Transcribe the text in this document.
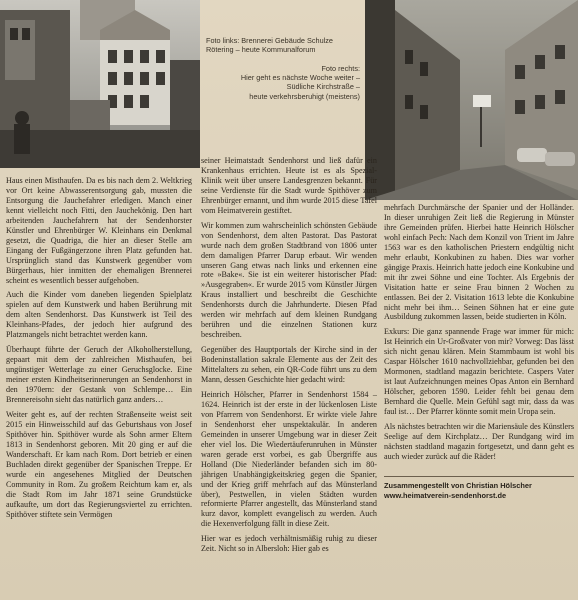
Foto links: Brennerei Gebäude Schulze
Rötering – heute Kommunalforum
Foto rechts:
Hier geht es nächste Woche weiter –
Südliche Kirchstraße –
heute verkehrsberuhigt (meistens)

Haus einen Misthaufen. Da es bis nach dem 2. Weltkrieg vor Ort keine Abwasserentsorgung gab, mussten die Entsorgung die Jauchefahrer erledigen. Manch einer kennt vielleicht noch Fitti, den Jauchekönig. Den hart arbeitenden Jauchefahrern hat der Sendenhorster Künstler und Ehrenbürger W. Kleinhans ein Denkmal gesetzt, die Quadriga, die hier an dieser Stelle am Eingang der Fußgängerzone ihren Platz gefunden hat. Ursprünglich stand das Kunstwerk gegenüber vom Bürgerhaus, hier inmitten der ehemaligen Brennerei scheint es wesentlich besser aufgehoben.

Auch die Kinder vom daneben liegenden Spielplatz spielen auf dem Kunstwerk und haben Berührung mit dem alten Sendenhorst. Das Kunstwerk ist Teil des Kleinhans-Pfades, der jedoch hier aufgrund des Platzmangels nicht betrachtet werden kann.

Überhaupt führte der Geruch der Alkoholherstellung, gepaart mit dem der zahlreichen Misthaufen, bei ungünstiger Wetterlage zu einer Geruchsglocke. Eine meiner ersten Kindheitserinnerungen an Sendenhorst in den 1970ern: der Gestank von Schlempe… Ein Brennereisohn sieht das natürlich ganz anders…

Weiter geht es, auf der rechten Straßenseite weist seit 2015 ein Hinweisschild auf das Geburtshaus von Josef Spithöver hin. Spithöver wurde als Sohn armer Eltern 1813 in Sendenhorst geboren. Mit 20 ging er auf die Wanderschaft. Er kam nach Rom. Dort betrieb er einen Buchladen direkt gegenüber der Spanischen Treppe. Er wurde ein angesehenes Mitglied der Deutschen Community in Rom. Zu großem Reichtum kam er, als die Stadt Rom im Jahr 1871 seine Grundstücke aufkaufte, um dort das Regierungsviertel zu errichten. Spithöver stiftete sein Vermögen

seiner Heimatstadt Sendenhorst und ließ dafür ein Krankenhaus errichten. Heute ist es als Spezial-Klinik weit über unsere Landesgrenzen bekannt. Für seine Verdienste für die Stadt wurde Spithöver zum Ehrenbürger ernannt, und ihm wurde 2015 diese Tafel vom Heimatverein gestiftet.

Wir kommen zum wahrscheinlich schönsten Gebäude von Sendenhorst, dem alten Pastorat. Das Pastorat wurde nach dem großen Stadtbrand von 1806 unter dem damaligen Pfarrer Darup erbaut. Wir wenden unseren Gang etwas nach links und erkennen eine rote »Bake«. Sie ist ein weiterer historischer Pfad: »Ausgegraben«. Er wurde 2015 vom Künstler Jürgen Kraus installiert und beschreibt die Geschichte Sendenhorsts durch die Jahrhunderte. Diesen Pfad werden wir mehrfach auf dem kleinen Rundgang berühren und die einzelnen Stationen kurz beschreiben.

Gegenüber des Hauptportals der Kirche sind in der Bodeninstallation sakrale Elemente aus der Zeit des Mittelalters zu sehen, ein QR-Code führt uns zu dem Mann, dessen Geschichte hier gedacht wird:

Heinrich Hölscher, Pfarrer in Sendenhorst 1584 – 1624. Heinrich ist der erste in der lückenlosen Liste von Pfarrern von Sendenhorst. Er wirkte viele Jahre in Sendenhorst eher unspektakulär. In anderen Gemeinden in unserer Umgebung war in dieser Zeit eher viel los. Die Wiedertäuferunruhen in Münster waren gerade erst vorbei, es gab Übergriffe aus Holland (Die Niederländer befanden sich im 80-jährigen Unabhängigkeitskrieg gegen die Spanier, und der Krieg griff mehrfach auf das Münsterland über), Pestwellen, in vielen Städten wurden reformierte Pfarrer angestellt, das Münsterland stand kurz davor, komplett evangelisch zu werden. Auch die Hexenverfolgung fällt in diese Zeit.

Hier war es jedoch verhältnismäßig ruhig zu dieser Zeit. Nicht so in Albersloh: Hier gab es

mehrfach Durchmärsche der Spanier und der Holländer. In dieser unruhigen Zeit ließ die Regierung in Münster ihre Gemeinden prüfen. Hierbei hatte Heinrich Hölscher wohl einfach Pech: Nach dem Konzil von Trient im Jahre 1563 war es den katholischen Priestern endgültig nicht mehr erlaubt, Konkubinen zu haben. Dies war vorher gängige Praxis. Heinrich hatte jedoch eine Konkubine und mit ihr zwei Söhne und eine Tochter. Als Ergebnis der Visitation hatte er seine Frau binnen 2 Wochen zu entlassen. Bei der 2. Visitation 1613 lebte die Konkubine nicht mehr bei ihm… Seinen Söhnen hat er eine gute Ausbildung zukommen lassen, beide studierten in Köln.

Exkurs: Die ganz spannende Frage war immer für mich: Ist Heinrich ein Ur-Großvater von mir? Vorweg: Das lässt sich nicht genau klären. Mein Stammbaum ist wohl bis Caspar Hölscher 1610 nachvollziehbar, gefunden bei den Mormonen, stadtland magazin berichtete. Caspers Vater ist laut Aufzeichnungen meines Opas Anton ein Bernhard Hölscher, geboren 1590. Leider fehlt bei genau dem Bernhard die Quelle. Mein Gefühl sagt mir, dass da was faul ist… Der Pfarrer könnte somit mein Uropa sein.

Als nächstes betrachten wir die Mariensäule des Künstlers Seelige auf dem Kirchplatz… Der Rundgang wird im nächsten stadtland magazin fortgesetzt, und dann geht es auch wieder zurück auf die Räder!

Zusammengestellt von Christian Hölscher
www.heimatverein-sendenhorst.de
